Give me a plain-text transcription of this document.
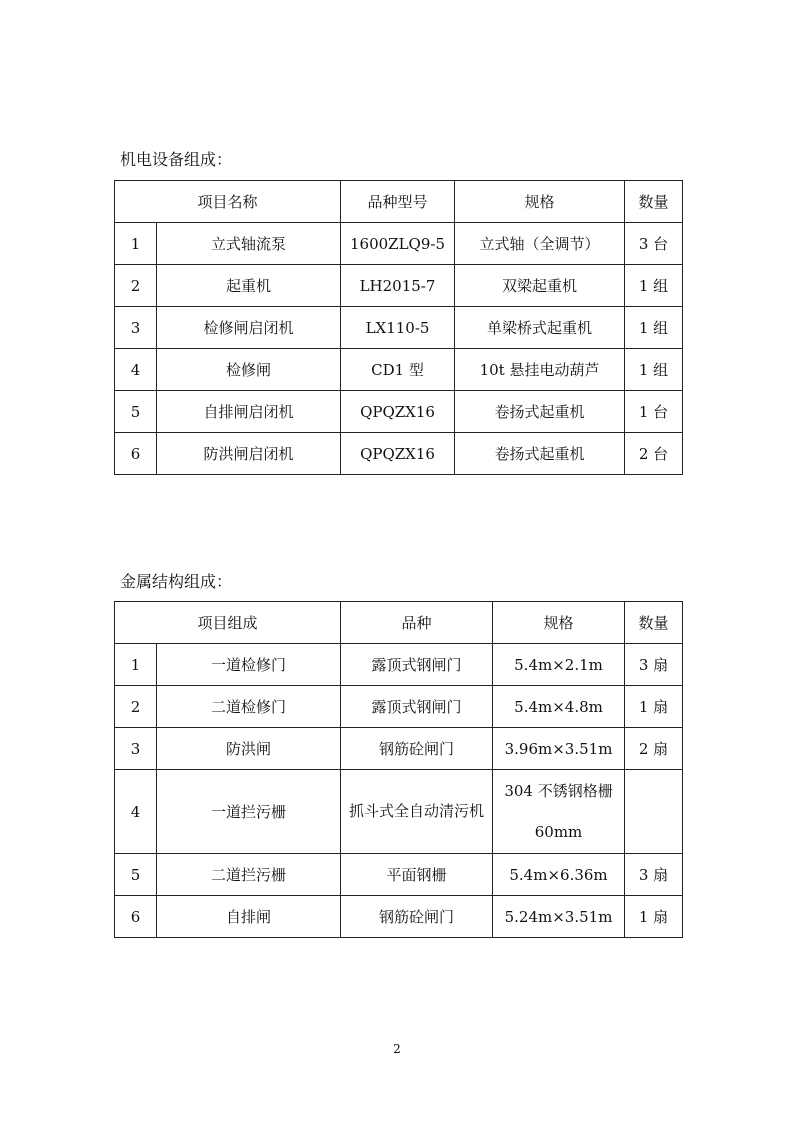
机电设备组成：
项目名称		品种型号	规格	数量
1	立式轴流泵	1600ZLQ9-5	立式轴（全调节）	3 台
2	起重机	LH2015-7	双梁起重机	1 组
3	检修闸启闭机	LX110-5	单梁桥式起重机	1 组
4	检修闸	CD1 型	10t 悬挂电动葫芦	1 组
5	自排闸启闭机	QPQZX16	卷扬式起重机	1 台
6	防洪闸启闭机	QPQZX16	卷扬式起重机	2 台
金属结构组成：
项目组成		品种	规格	数量
1	一道检修门	露顶式钢闸门	5.4m×2.1m	3 扇
2	二道检修门	露顶式钢闸门	5.4m×4.8m	1 扇
3	防洪闸	钢筋砼闸门	3.96m×3.51m	2 扇
4	一道拦污栅	抓斗式全自动清污机	304 不锈钢格栅 60mm	
5	二道拦污栅	平面钢栅	5.4m×6.36m	3 扇
6	自排闸	钢筋砼闸门	5.24m×3.51m	1 扇
2
